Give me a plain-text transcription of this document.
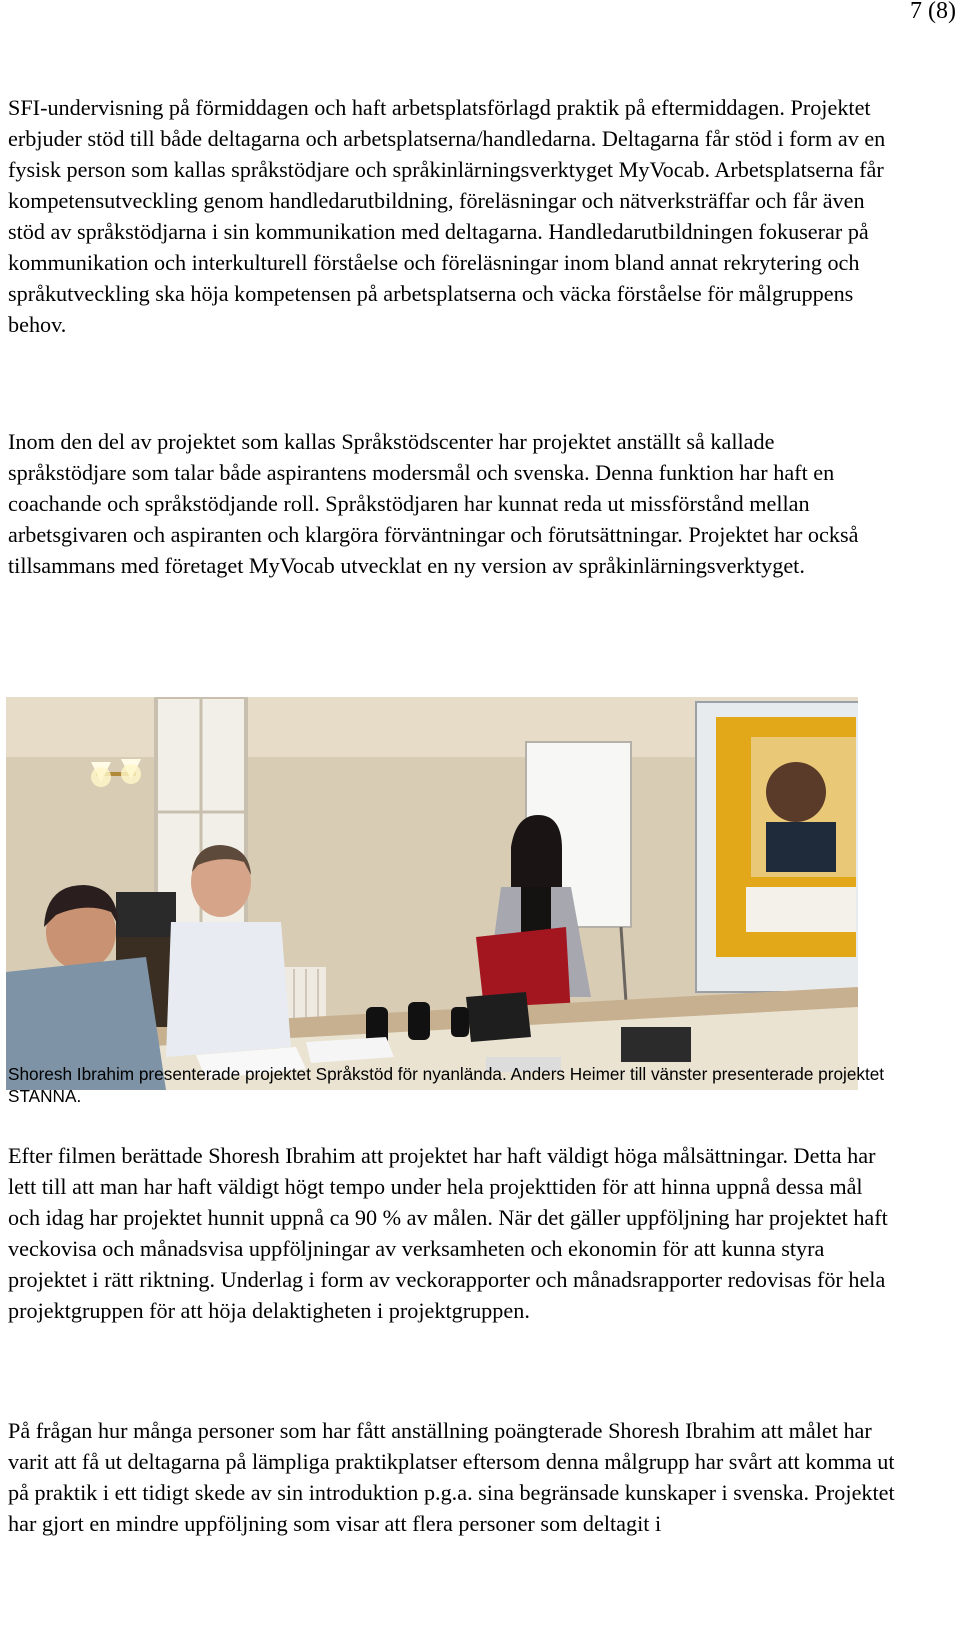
7 (8)

SFI-undervisning på förmiddagen och haft arbetsplatsförlagd praktik på eftermiddagen. Projektet erbjuder stöd till både deltagarna och arbetsplatserna/handledarna. Deltagarna får stöd i form av en fysisk person som kallas språkstödjare och språkinlärningsverktyget MyVocab. Arbetsplatserna får kompetensutveckling genom handledarutbildning, föreläsningar och nätverksträffar och får även stöd av språkstödjarna i sin kommunikation med deltagarna. Handledarutbildningen fokuserar på kommunikation och interkulturell förståelse och föreläsningar inom bland annat rekrytering och språkutveckling ska höja kompetensen på arbetsplatserna och väcka förståelse för målgruppens behov.

Inom den del av projektet som kallas Språkstödscenter har projektet anställt så kallade språkstödjare som talar både aspirantens modersmål och svenska. Denna funktion har haft en coachande och språkstödjande roll. Språkstödjaren har kunnat reda ut missförstånd mellan arbetsgivaren och aspiranten och klargöra förväntningar och förutsättningar. Projektet har också tillsammans med företaget MyVocab utvecklat en ny version av språkinlärningsverktyget.

Shoresh Ibrahim presenterade projektet Språkstöd för nyanlända. Anders Heimer till vänster presenterade projektet STANNA.

Efter filmen berättade Shoresh Ibrahim att projektet har haft väldigt höga målsättningar. Detta har lett till att man har haft väldigt högt tempo under hela projekttiden för att hinna uppnå dessa mål och idag har projektet hunnit uppnå ca 90 % av målen. När det gäller uppföljning har projektet haft veckovisa och månadsvisa uppföljningar av verksamheten och ekonomin för att kunna styra projektet i rätt riktning. Underlag i form av veckorapporter och månadsrapporter redovisas för hela projektgruppen för att höja delaktigheten i projektgruppen.

På frågan hur många personer som har fått anställning poängterade Shoresh Ibrahim att målet har varit att få ut deltagarna på lämpliga praktikplatser eftersom denna målgrupp har svårt att komma ut på praktik i ett tidigt skede av sin introduktion p.g.a. sina begränsade kunskaper i svenska. Projektet har gjort en mindre uppföljning som visar att flera personer som deltagit i
